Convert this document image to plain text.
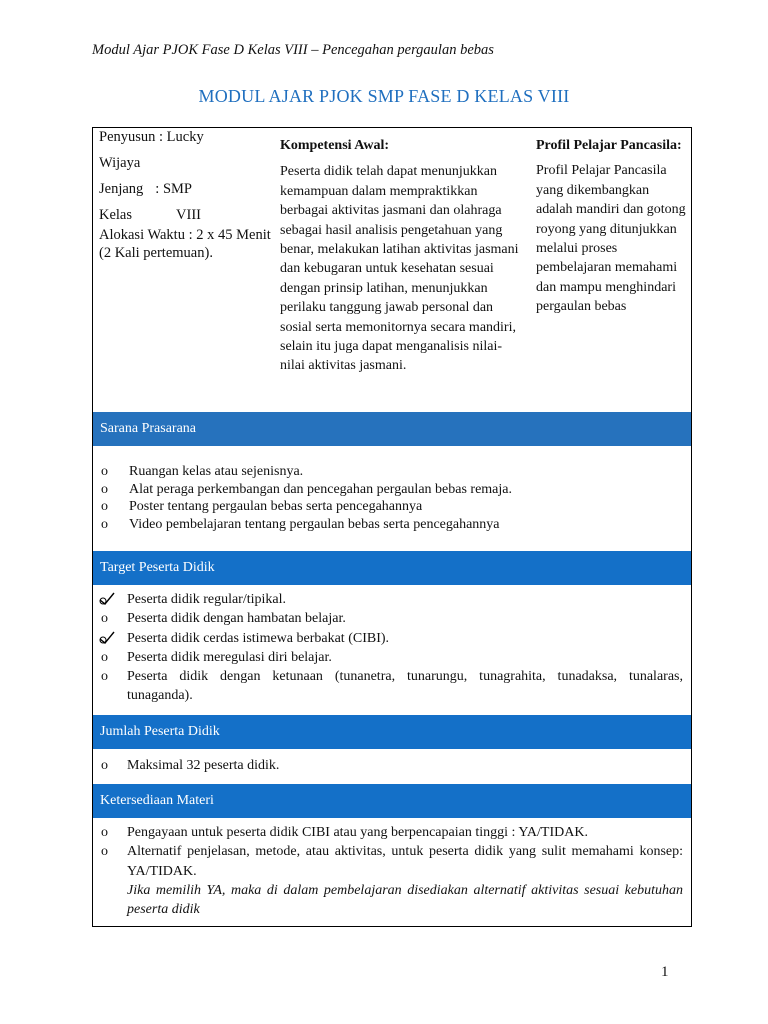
Modul Ajar PJOK Fase D Kelas VIII – Pencegahan pergaulan bebas
MODUL AJAR PJOK SMP FASE D KELAS VIII
Penyusun : Lucky
Wijaya
Jenjang : SMP
Kelas	VIII
Alokasi Waktu : 2 x 45 Menit (2 Kali pertemuan).
Kompetensi Awal:
Peserta didik telah dapat menunjukkan kemampuan dalam mempraktikkan berbagai aktivitas jasmani dan olahraga sebagai hasil analisis pengetahuan yang benar, melakukan latihan aktivitas jasmani dan kebugaran untuk kesehatan sesuai dengan prinsip latihan, menunjukkan perilaku tanggung jawab personal dan sosial serta memonitornya secara mandiri, selain itu juga dapat menganalisis nilai-nilai aktivitas jasmani.
Profil Pelajar Pancasila:
Profil Pelajar Pancasila yang dikembangkan adalah mandiri dan gotong royong yang ditunjukkan melalui proses pembelajaran memahami dan mampu menghindari pergaulan bebas
Sarana Prasarana
o	Ruangan kelas atau sejenisnya.
o	Alat peraga perkembangan dan pencegahan pergaulan bebas remaja.
o	Poster tentang pergaulan bebas serta pencegahannya
o	Video pembelajaran tentang pergaulan bebas serta pencegahannya
Target Peserta Didik
Peserta didik regular/tipikal.
o	Peserta didik dengan hambatan belajar.
Peserta didik cerdas istimewa berbakat (CIBI).
o	Peserta didik meregulasi diri belajar.
o	Peserta didik dengan ketunaan (tunanetra, tunarungu, tunagrahita, tunadaksa, tunalaras, tunaganda).
Jumlah Peserta Didik
o	Maksimal 32 peserta didik.
Ketersediaan Materi
o	Pengayaan untuk peserta didik CIBI atau yang berpencapaian tinggi : YA/TIDAK.
o	Alternatif penjelasan, metode, atau aktivitas, untuk peserta didik yang sulit memahami konsep: YA/TIDAK.
Jika memilih YA, maka di dalam pembelajaran disediakan alternatif aktivitas sesuai kebutuhan peserta didik
1
